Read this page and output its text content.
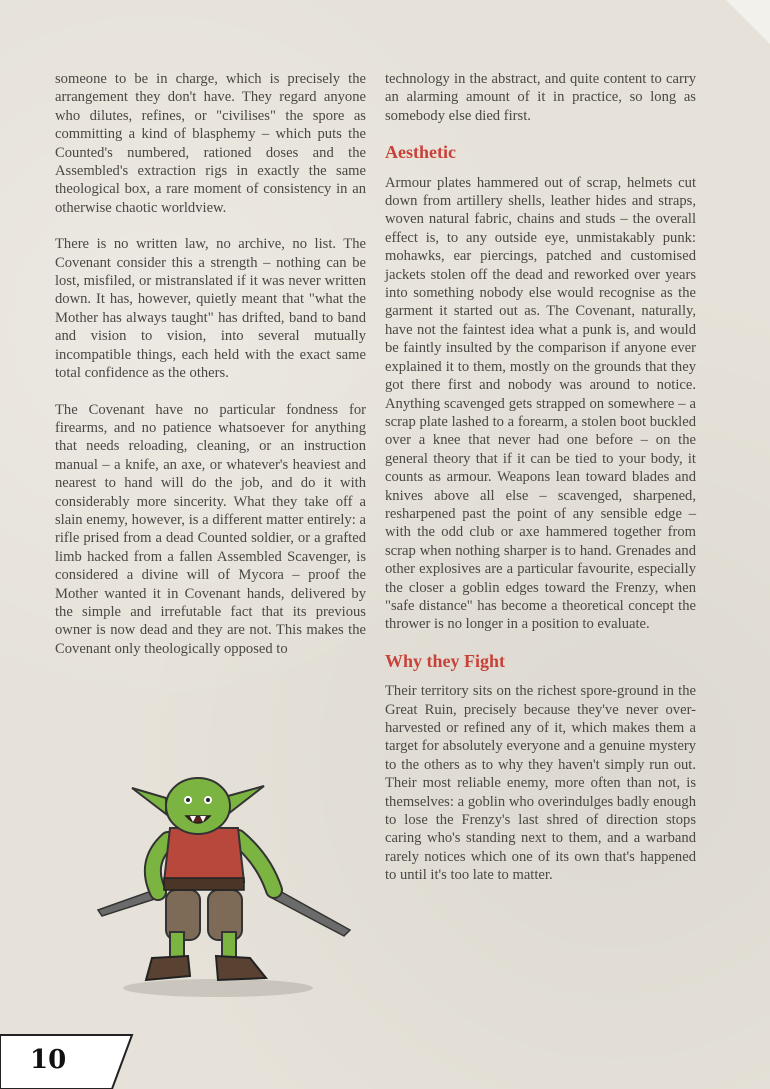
someone to be in charge, which is precisely the arrangement they don't have. They regard anyone who dilutes, refines, or "civilises" the spore as committing a kind of blasphemy – which puts the Counted's numbered, rationed doses and the Assembled's extraction rigs in exactly the same theological box, a rare moment of consistency in an otherwise chaotic worldview.

There is no written law, no archive, no list. The Covenant consider this a strength – nothing can be lost, misfiled, or mistranslated if it was never written down. It has, however, quietly meant that "what the Mother has always taught" has drifted, band to band and vision to vision, into several mutually incompatible things, each held with the exact same total confidence as the others.

The Covenant have no particular fondness for firearms, and no patience whatsoever for anything that needs reloading, cleaning, or an instruction manual – a knife, an axe, or whatever's heaviest and nearest to hand will do the job, and do it with considerably more sincerity. What they take off a slain enemy, however, is a different matter entirely: a rifle prised from a dead Counted soldier, or a grafted limb hacked from a fallen Assembled Scavenger, is considered a divine will of Mycora – proof the Mother wanted it in Covenant hands, delivered by the simple and irrefutable fact that its previous owner is now dead and they are not. This makes the Covenant only theologically opposed to

technology in the abstract, and quite content to carry an alarming amount of it in practice, so long as somebody else died first.

Aesthetic

Armour plates hammered out of scrap, helmets cut down from artillery shells, leather hides and straps, woven natural fabric, chains and studs – the overall effect is, to any outside eye, unmistakably punk: mohawks, ear piercings, patched and customised jackets stolen off the dead and reworked over years into something nobody else would recognise as the garment it started out as. The Covenant, naturally, have not the faintest idea what a punk is, and would be faintly insulted by the comparison if anyone ever explained it to them, mostly on the grounds that they got there first and nobody was around to notice. Anything scavenged gets strapped on somewhere – a scrap plate lashed to a forearm, a stolen boot buckled over a knee that never had one before – on the general theory that if it can be tied to your body, it counts as armour. Weapons lean toward blades and knives above all else – scavenged, sharpened, resharpened past the point of any sensible edge – with the odd club or axe hammered together from scrap when nothing sharper is to hand. Grenades and other explosives are a particular favourite, especially the closer a goblin edges toward the Frenzy, when "safe distance" has become a theoretical concept the thrower is no longer in a position to evaluate.

Why they Fight

Their territory sits on the richest spore-ground in the Great Ruin, precisely because they've never over-harvested or refined any of it, which makes them a target for absolutely everyone and a genuine mystery to the others as to why they haven't simply run out. Their most reliable enemy, more often than not, is themselves: a goblin who overindulges badly enough to lose the Frenzy's last shred of direction stops caring who's standing next to them, and a warband rarely notices which one of its own that's happened to until it's too late to matter.

10
